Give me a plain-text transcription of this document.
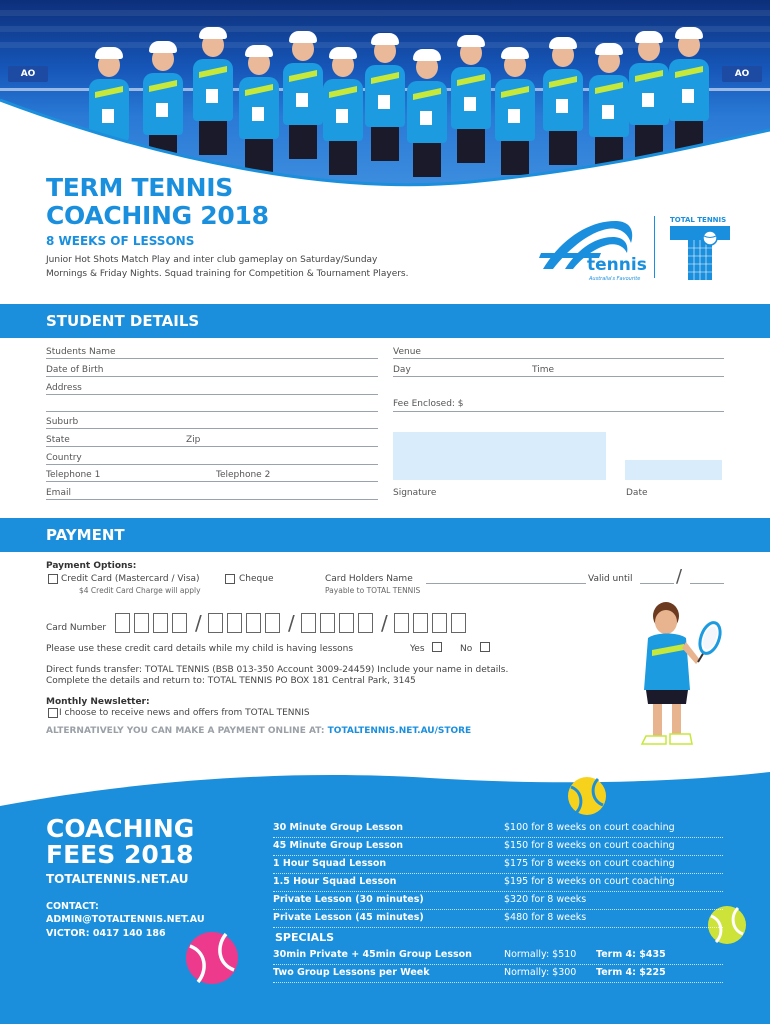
AO	AO
TERM TENNIS
COACHING 2018
8 WEEKS OF LESSONS
Junior Hot Shots Match Play and inter club gameplay on Saturday/Sunday
Mornings & Friday Nights. Squad training for Competition & Tournament Players.	tennis
Australia's Favourite
TOTAL TENNIS
STUDENT DETAILS
Students Name
Date of Birth
Address
Suburb
State	Zip
Country
Telephone 1	Telephone 2
Email
Venue
Day	Time
Fee Enclosed: $
Signature	Date
PAYMENT
Payment Options:
Credit Card (Mastercard / Visa)	Cheque
$4 Credit Card Charge will apply
Card Holders Name
Payable to TOTAL TENNIS
Valid until /
Card Number	/	/	/
Please use these credit card details while my child is having lessons	Yes	No
Direct funds transfer: TOTAL TENNIS (BSB 013-350 Account 3009-24459) Include your name in details.
Complete the details and return to: TOTAL TENNIS PO BOX 181 Central Park, 3145
Monthly Newsletter:
I choose to receive news and offers from TOTAL TENNIS
ALTERNATIVELY YOU CAN MAKE A PAYMENT ONLINE AT: TOTALTENNIS.NET.AU/STORE
COACHING
FEES 2018
TOTALTENNIS.NET.AU
CONTACT:
ADMIN@TOTALTENNIS.NET.AU
VICTOR: 0417 140 186
30 Minute Group Lesson	$100 for 8 weeks on court coaching
45 Minute Group Lesson	$150 for 8 weeks on court coaching
1 Hour Squad Lesson	$175 for 8 weeks on court coaching
1.5 Hour Squad Lesson	$195 for 8 weeks on court coaching
Private Lesson (30 minutes)	$320 for 8 weeks
Private Lesson (45 minutes)	$480 for 8 weeks
SPECIALS
30min Private + 45min Group Lesson	Normally: $510 Term 4: $435
Two Group Lessons per Week	Normally: $300 Term 4: $225
